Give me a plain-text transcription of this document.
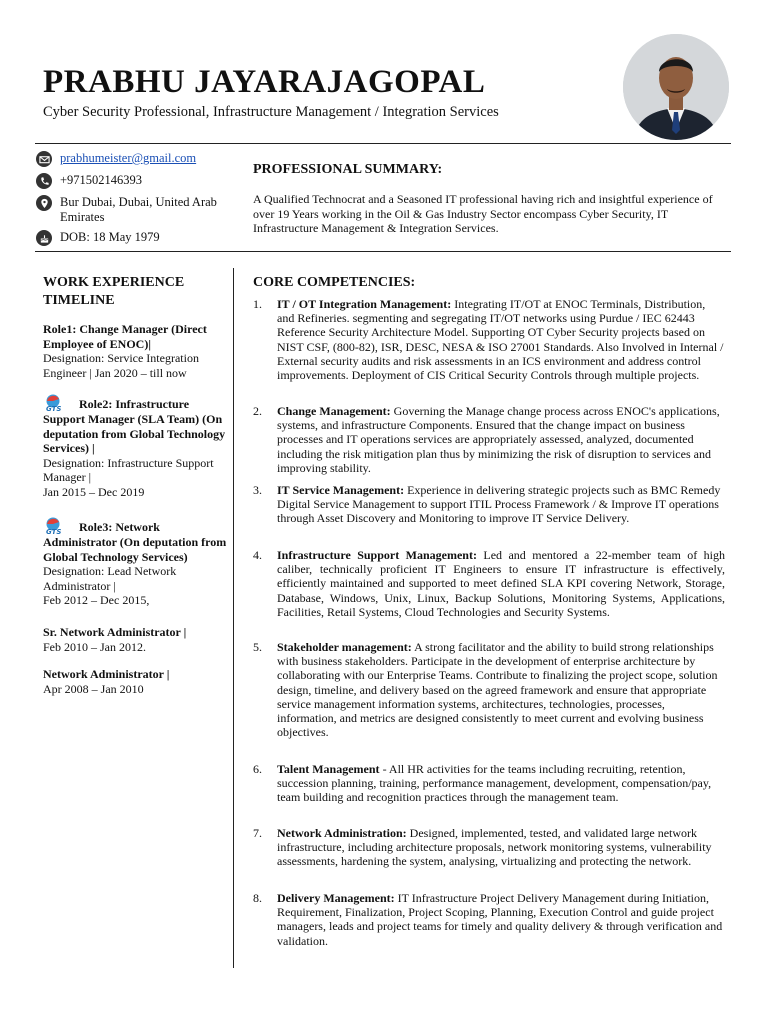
PRABHU JAYARAJAGOPAL
Cyber Security Professional, Infrastructure Management / Integration Services
prabhumeister@gmail.com
+971502146393
Bur Dubai, Dubai, United Arab Emirates
DOB: 18 May 1979
PROFESSIONAL SUMMARY:
A Qualified Technocrat and a Seasoned IT professional having rich and insightful experience of over 19 Years working in the Oil & Gas Industry Sector encompass Cyber Security, IT Infrastructure Management & Integration Services.
WORK EXPERIENCE TIMELINE
Role1: Change Manager (Direct Employee of ENOC)|
Designation: Service Integration Engineer | Jan 2020 – till now
GTS Role2: Infrastructure Support Manager (SLA Team) (On deputation from Global Technology Services) |
Designation: Infrastructure Support Manager |
Jan 2015 – Dec 2019
GTS Role3: Network Administrator (On deputation from Global Technology Services) Designation: Lead Network Administrator |
Feb 2012 – Dec 2015,
Sr. Network Administrator |
Feb 2010 – Jan 2012.
Network Administrator |
Apr 2008 – Jan 2010
CORE COMPETENCIES:
1.	IT / OT Integration Management: Integrating IT/OT at ENOC Terminals, Distribution, and Refineries. segmenting and segregating IT/OT networks using Purdue / IEC 62443 Reference Security Architecture Model. Supporting OT Cyber Security projects based on NIST CSF, (800-82), ISR, DESC, NESA & ISO 27001 Standards. Also Involved in Internal / External security audits and risk assessments in an ICS environment and address control improvements. Deployment of CIS Critical Security Controls through multiple projects.
2.	Change Management: Governing the Manage change process across ENOC's applications, systems, and infrastructure Components. Ensured that the change impact on business processes and IT operations services are appropriately assessed, analyzed, documented including the risk mitigation plan thus by minimizing the risk of disruption to services and improving stability.
3.	IT Service Management: Experience in delivering strategic projects such as BMC Remedy Digital Service Management to support ITIL Process Framework / & Improve IT operations through Asset Discovery and Monitoring to improve IT Service Delivery.
4.	Infrastructure Support Management: Led and mentored a 22-member team of high caliber, technically proficient IT Engineers to ensure IT infrastructure is effectively, efficiently maintained and supported to meet defined SLA KPI covering Network, Storage, Database, Windows, Unix, Linux, Backup Solutions, Monitoring Systems, Applications, Facilities, Retail Systems, Cloud Technologies and Security Systems.
5.	Stakeholder management: A strong facilitator and the ability to build strong relationships with business stakeholders. Participate in the development of enterprise architecture by collaborating with our Enterprise Teams. Contribute to finalizing the project scope, solution design, timeline, and delivery based on the agreed framework and ensure that appropriate service management information systems, architectures, technologies, processes, information, and metrics are designed consistently to meet current and evolving business objectives.
6.	Talent Management - All HR activities for the teams including recruiting, retention, succession planning, training, performance management, development, compensation/pay, team building and recognition practices through the management team.
7.	Network Administration: Designed, implemented, tested, and validated large network infrastructure, including architecture proposals, network monitoring systems, vulnerability assessments, hardening the system, analysing, virtualizing and protecting the network.
8.	Delivery Management: IT Infrastructure Project Delivery Management during Initiation, Requirement, Finalization, Project Scoping, Planning, Execution Control and guide project managers, leads and project teams for timely and quality delivery & through verification and validation.
